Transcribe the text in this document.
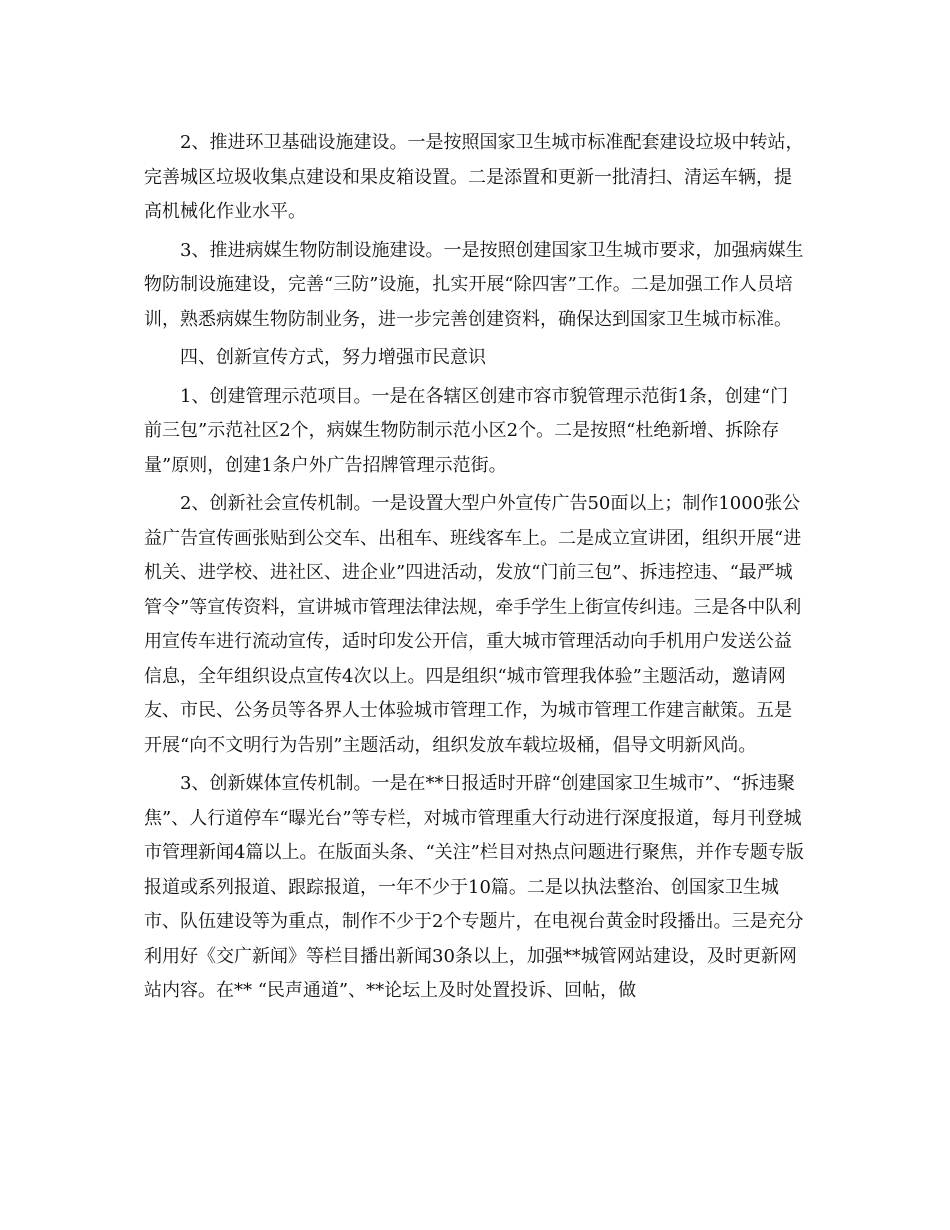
2、推进环卫基础设施建设。一是按照国家卫生城市标准配套建设垃圾中转站，完善城区垃圾收集点建设和果皮箱设置。二是添置和更新一批清扫、清运车辆，提高机械化作业水平。

3、推进病媒生物防制设施建设。一是按照创建国家卫生城市要求，加强病媒生物防制设施建设，完善“三防”设施，扎实开展“除四害”工作。二是加强工作人员培训，熟悉病媒生物防制业务，进一步完善创建资料，确保达到国家卫生城市标准。

四、创新宣传方式，努力增强市民意识

1、创建管理示范项目。一是在各辖区创建市容市貌管理示范街1条，创建“门前三包”示范社区2个，病媒生物防制示范小区2个。二是按照“杜绝新增、拆除存量”原则，创建1条户外广告招牌管理示范街。

2、创新社会宣传机制。一是设置大型户外宣传广告50面以上；制作1000张公益广告宣传画张贴到公交车、出租车、班线客车上。二是成立宣讲团，组织开展“进机关、进学校、进社区、进企业”四进活动，发放“门前三包”、拆违控违、“最严城管令”等宣传资料，宣讲城市管理法律法规，牵手学生上街宣传纠违。三是各中队利用宣传车进行流动宣传，适时印发公开信，重大城市管理活动向手机用户发送公益信息，全年组织设点宣传4次以上。四是组织“城市管理我体验”主题活动，邀请网友、市民、公务员等各界人士体验城市管理工作，为城市管理工作建言献策。五是开展“向不文明行为告别”主题活动，组织发放车载垃圾桶，倡导文明新风尚。

3、创新媒体宣传机制。一是在**日报适时开辟“创建国家卫生城市”、“拆违聚焦”、人行道停车“曝光台”等专栏，对城市管理重大行动进行深度报道，每月刊登城市管理新闻4篇以上。在版面头条、“关注”栏目对热点问题进行聚焦，并作专题专版报道或系列报道、跟踪报道，一年不少于10篇。二是以执法整治、创国家卫生城市、队伍建设等为重点，制作不少于2个专题片，在电视台黄金时段播出。三是充分利用好《交广新闻》等栏目播出新闻30条以上，加强**城管网站建设，及时更新网站内容。在** “民声通道”、**论坛上及时处置投诉、回帖，做
